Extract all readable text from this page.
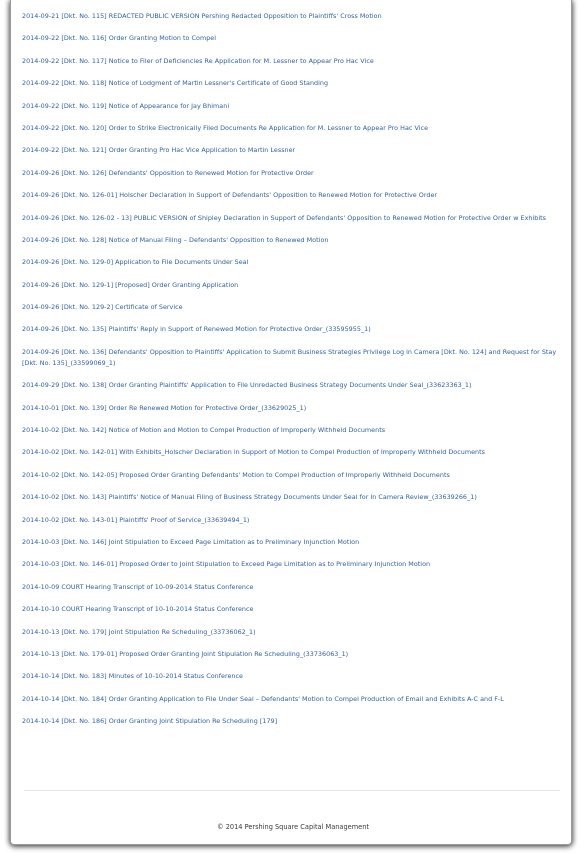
2014-09-21 [Dkt. No. 115] REDACTED PUBLIC VERSION Pershing Redacted Opposition to Plaintiffs' Cross Motion
2014-09-22 [Dkt. No. 116] Order Granting Motion to Compel
2014-09-22 [Dkt. No. 117] Notice to Filer of Deficiencies Re Application for M. Lessner to Appear Pro Hac Vice
2014-09-22 [Dkt. No. 118] Notice of Lodgment of Martin Lessner's Certificate of Good Standing
2014-09-22 [Dkt. No. 119] Notice of Appearance for Jay Bhimani
2014-09-22 [Dkt. No. 120] Order to Strike Electronically Filed Documents Re Application for M. Lessner to Appear Pro Hac Vice
2014-09-22 [Dkt. No. 121] Order Granting Pro Hac Vice Application to Martin Lessner
2014-09-26 [Dkt. No. 126] Defendants' Opposition to Renewed Motion for Protective Order
2014-09-26 [Dkt. No. 126-01] Holscher Declaration in Support of Defendants' Opposition to Renewed Motion for Protective Order
2014-09-26 [Dkt. No. 126-02 - 13] PUBLIC VERSION of Shipley Declaration in Support of Defendants' Opposition to Renewed Motion for Protective Order w Exhibits
2014-09-26 [Dkt. No. 128] Notice of Manual Filing – Defendants' Opposition to Renewed Motion
2014-09-26 [Dkt. No. 129-0] Application to File Documents Under Seal
2014-09-26 [Dkt. No. 129-1] [Proposed] Order Granting Application
2014-09-26 [Dkt. No. 129-2] Certificate of Service
2014-09-26 [Dkt. No. 135] Plaintiffs' Reply in Support of Renewed Motion for Protective Order_(33595955_1)
2014-09-26 [Dkt. No. 136] Defendants' Opposition to Plaintiffs' Application to Submit Business Strategies Privilege Log in Camera [Dkt. No. 124] and Request for Stay [Dkt. No. 135]_(33599069_1)
2014-09-29 [Dkt. No. 138] Order Granting Plaintiffs' Application to File Unredacted Business Strategy Documents Under Seal_(33623363_1)
2014-10-01 [Dkt. No. 139] Order Re Renewed Motion for Protective Order_(33629025_1)
2014-10-02 [Dkt. No. 142] Notice of Motion and Motion to Compel Production of Improperly Withheld Documents
2014-10-02 [Dkt. No. 142-01] With Exhibits_Holscher Declaration in Support of Motion to Compel Production of Improperly Withheld Documents
2014-10-02 [Dkt. No. 142-05] Proposed Order Granting Defendants' Motion to Compel Production of Improperly Withheld Documents
2014-10-02 [Dkt. No. 143] Plaintiffs' Notice of Manual Filing of Business Strategy Documents Under Seal for In Camera Review_(33639266_1)
2014-10-02 [Dkt. No. 143-01] Plaintiffs' Proof of Service_(33639494_1)
2014-10-03 [Dkt. No. 146] Joint Stipulation to Exceed Page Limitation as to Preliminary Injunction Motion
2014-10-03 [Dkt. No. 146-01] Proposed Order to Joint Stipulation to Exceed Page Limitation as to Preliminary Injunction Motion
2014-10-09 COURT Hearing Transcript of 10-09-2014 Status Conference
2014-10-10 COURT Hearing Transcript of 10-10-2014 Status Conference
2014-10-13 [Dkt. No. 179] Joint Stipulation Re Scheduling_(33736062_1)
2014-10-13 [Dkt. No. 179-01] Proposed Order Granting Joint Stipulation Re Scheduling_(33736063_1)
2014-10-14 [Dkt. No. 183] Minutes of 10-10-2014 Status Conference
2014-10-14 [Dkt. No. 184] Order Granting Application to File Under Seal – Defendants' Motion to Compel Production of Email and Exhibits A-C and F-L
2014-10-14 [Dkt. No. 186] Order Granting Joint Stipulation Re Scheduling [179]
© 2014 Pershing Square Capital Management
